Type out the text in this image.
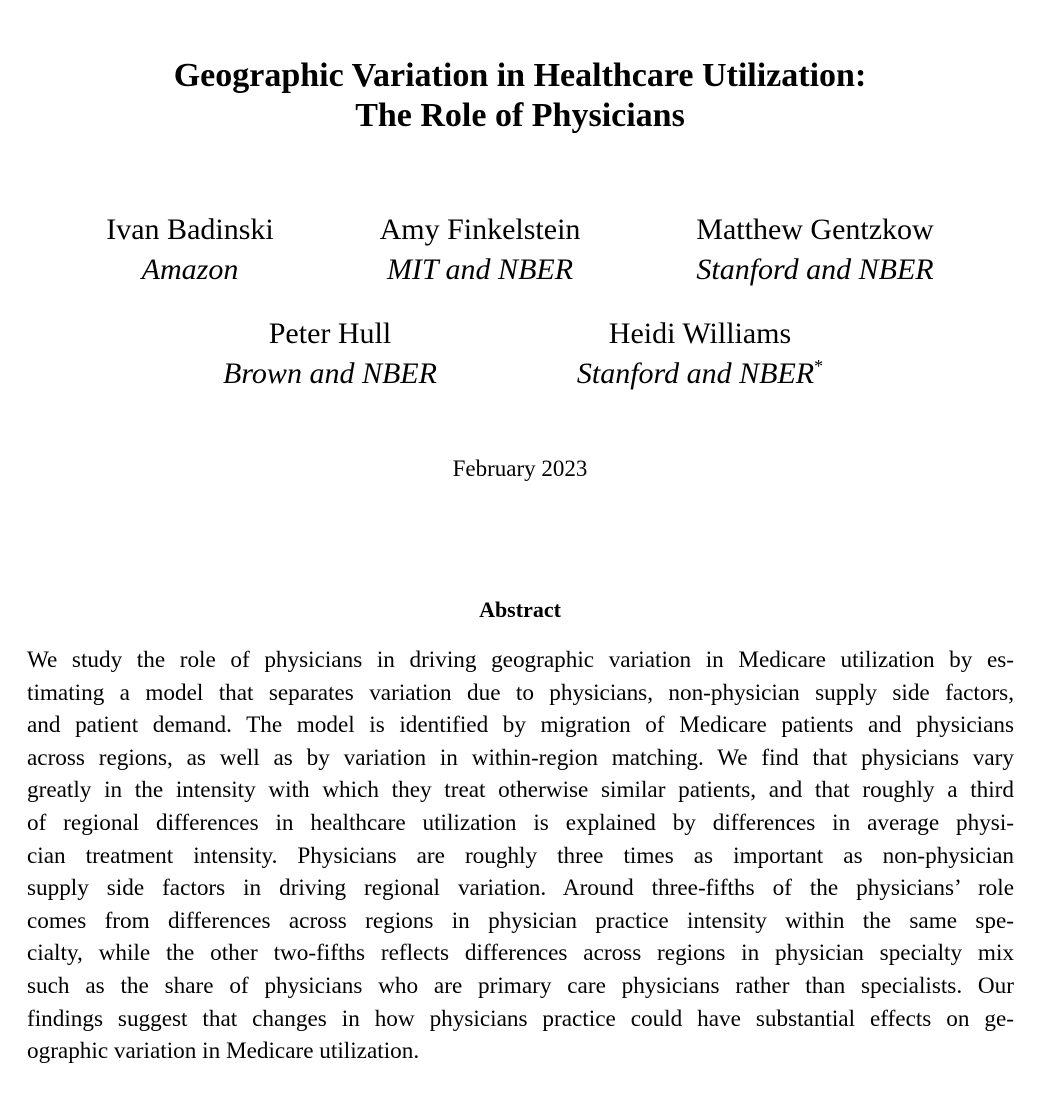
Geographic Variation in Healthcare Utilization:
The Role of Physicians
Ivan Badinski
Amazon
Amy Finkelstein
MIT and NBER
Matthew Gentzkow
Stanford and NBER
Peter Hull
Brown and NBER
Heidi Williams
Stanford and NBER*
February 2023
Abstract
We study the role of physicians in driving geographic variation in Medicare utilization by es-
timating a model that separates variation due to physicians, non-physician supply side factors,
and patient demand. The model is identified by migration of Medicare patients and physicians
across regions, as well as by variation in within-region matching. We find that physicians vary
greatly in the intensity with which they treat otherwise similar patients, and that roughly a third
of regional differences in healthcare utilization is explained by differences in average physi-
cian treatment intensity. Physicians are roughly three times as important as non-physician
supply side factors in driving regional variation. Around three-fifths of the physicians’ role
comes from differences across regions in physician practice intensity within the same spe-
cialty, while the other two-fifths reflects differences across regions in physician specialty mix
such as the share of physicians who are primary care physicians rather than specialists. Our
findings suggest that changes in how physicians practice could have substantial effects on ge-
ographic variation in Medicare utilization.
